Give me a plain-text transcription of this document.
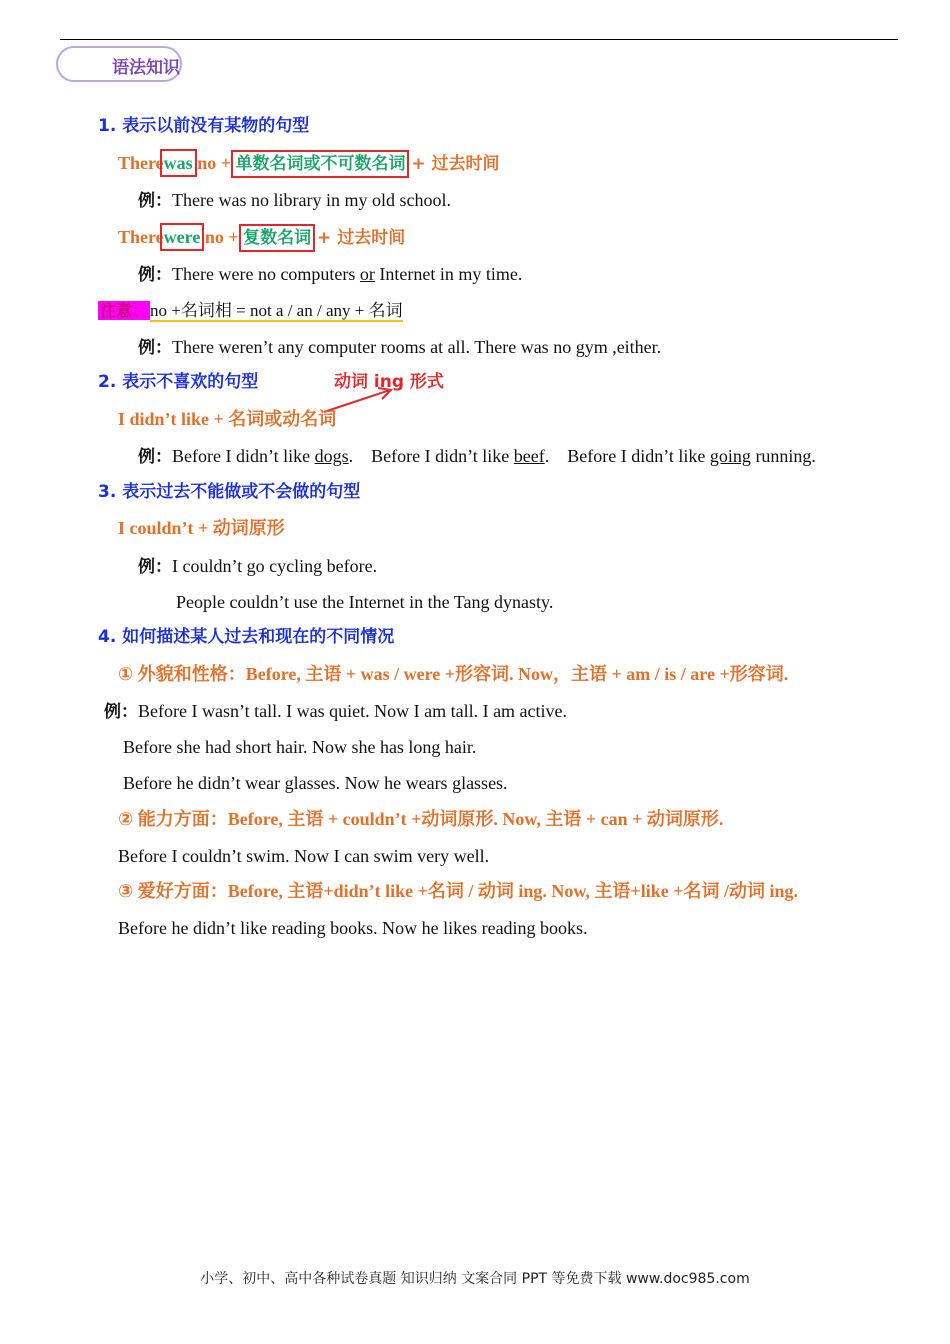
语法知识
1. 表示以前没有某物的句型
Therewas no + 单数名词或不可数名词 + 过去时间
例：There was no library in my old school.
Therewere no + 复数名词 + 过去时间
例：There were no computers or Internet in my time.
注意： no +名词相 = not a / an / any + 名词
例：There weren’t any computer rooms at all. There was no gym ,either.
2. 表示不喜欢的句型	动词 ing 形式
I didn’t like + 名词或动名词
例：Before I didn’t like dogs.    Before I didn’t like beef.    Before I didn’t like going running.
3. 表示过去不能做或不会做的句型
I couldn’t + 动词原形
例：I couldn’t go cycling before.
People couldn’t use the Internet in the Tang dynasty.
4. 如何描述某人过去和现在的不同情况
① 外貌和性格：Before, 主语 + was / were +形容词. Now，主语 + am / is / are +形容词.
例：Before I wasn’t tall. I was quiet. Now I am tall. I am active.
Before she had short hair. Now she has long hair.
Before he didn’t wear glasses. Now he wears glasses.
② 能力方面：Before, 主语 + couldn’t +动词原形. Now, 主语 + can + 动词原形.
Before I couldn’t swim. Now I can swim very well.
③ 爱好方面：Before, 主语+didn’t like +名词 / 动词 ing. Now, 主语+like +名词 /动词 ing.
Before he didn’t like reading books. Now he likes reading books.
小学、初中、高中各种试卷真题 知识归纳 文案合同 PPT 等免费下载 www.doc985.com
